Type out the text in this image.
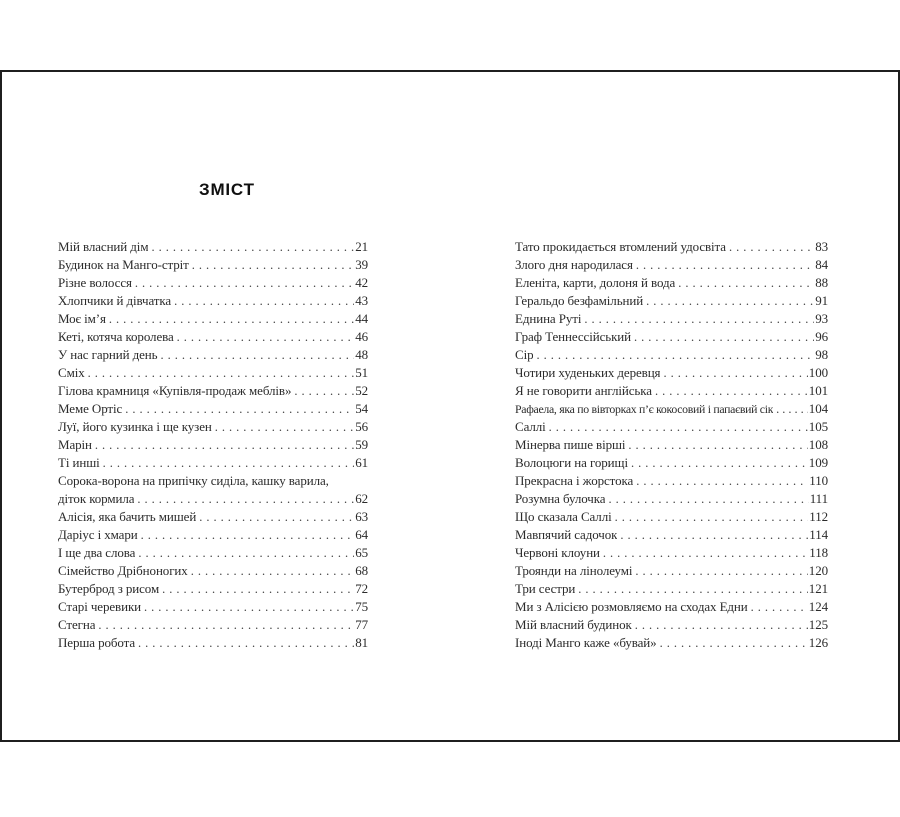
ЗМІСТ
Мій власний дім .....	21
Будинок на Манго-стріт .....	39
Різне волосся .....	42
Хлопчики й дівчатка .....	43
Моє ім’я .....	44
Кеті, котяча королева .....	46
У нас гарний день .....	48
Сміх .....	51
Гілова крамниця «Купівля-продаж меблів» .....	52
Меме Ортіс .....	54
Луї, його кузинка і ще кузен .....	56
Марін .....	59
Ті инші .....	61
Сорока-ворона на припічку сиділа, кашку варила,
діток кормила .....	62
Алісія, яка бачить мишей .....	63
Даріус і хмари .....	64
І ще два слова .....	65
Сімейство Дрібноногих .....	68
Бутерброд з рисом .....	72
Старі черевики .....	75
Стегна .....	77
Перша робота .....	81
Тато прокидається втомлений удосвіта .....	83
Злого дня народилася .....	84
Еленіта, карти, долоня й вода .....	88
Геральдо безфамільний .....	91
Еднина Руті .....	93
Граф Теннессійський .....	96
Сір .....	98
Чотири худеньких деревця .....	100
Я не говорити англійська .....	101
Рафаела, яка по вівторках п’є кокосовий і папаєвий сік .....	104
Саллі .....	105
Мінерва пише вірші .....	108
Волоцюги на горищі .....	109
Прекрасна і жорстока .....	110
Розумна булочка .....	111
Що сказала Саллі .....	112
Мавпячий садочок .....	114
Червоні клоуни .....	118
Троянди на лінолеумі .....	120
Три сестри .....	121
Ми з Алісією розмовляємо на сходах Едни .....	124
Мій власний будинок .....	125
Іноді Манго каже «бувай» .....	126
